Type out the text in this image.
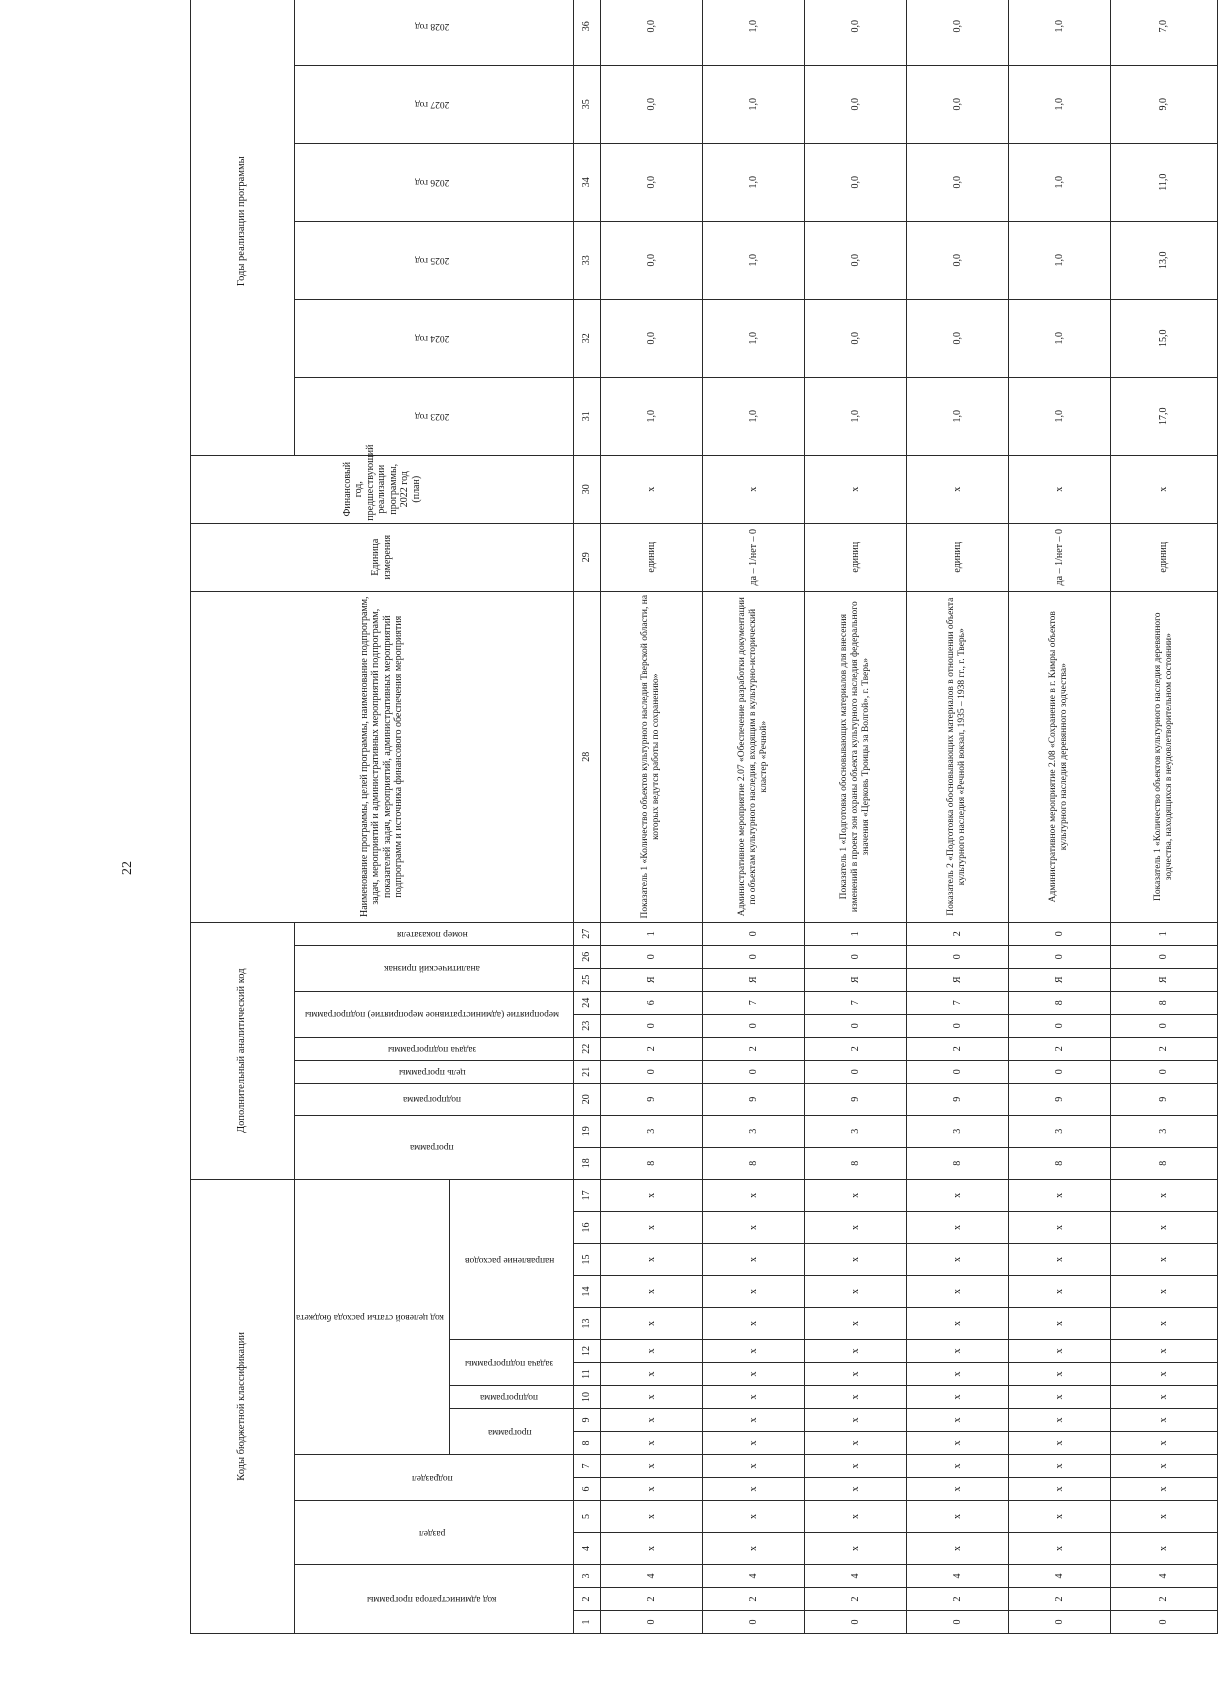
22
Коды бюджетной классификации																	Дополнительный аналитический код										Наименование программы, целей программы, наименование подпрограмм, задач, мероприятий и административных мероприятий подпрограмм, показателей задач, мероприятий, административных мероприятий подпрограмм и источника финансового обеспечения мероприятия	Единица измерения	Финансовый год, предшествующий реализации программы, 2022 год (план)	Годы реализации программы	
код администратора программы			раздел		подраздел		код целевой статьи расхода бюджета										программа		подпрограмма	цель программы	задача подпрограммы	мероприятие (административное мероприятие) подпрограммы		аналитический признак		номер показателя				2023 год	2024 год	2025 год	2026 год	2027 год	2028 год	
							программа		подпрограмма	задача подпрограммы		направление расходов																								
1	2	3	4	5	6	7	8	9	10	11	12	13	14	15	16	17	18	19	20	21	22	23	24	25	26	27	28	29	30	31	32	33	34	35	36	
0	2	4	х	х	х	х	х	х	х	х	х	х	х	х	х	х	8	3	9	0	2	0	6	Я	0	1	Показатель 1 «Количество объектов культурного наследия Тверской области, на которых ведутся работы по сохранению»	единиц	х	1,0	0,0	0,0	0,0	0,0	0,0	
0	2	4	х	х	х	х	х	х	х	х	х	х	х	х	х	х	8	3	9	0	2	0	7	Я	0	0	Административное мероприятие 2.07 «Обеспечение разработки документации по объектам культурного наследия, входящим в культурно-исторический кластер «Речной»	да – 1/нет – 0	х	1,0	1,0	1,0	1,0	1,0	1,0	
0	2	4	х	х	х	х	х	х	х	х	х	х	х	х	х	х	8	3	9	0	2	0	7	Я	0	1	Показатель 1 «Подготовка обосновывающих материалов для внесения изменений в проект зон охраны объекта культурного наследия федерального значения «Церковь Троицы за Волгой», г. Тверь»	единиц	х	1,0	0,0	0,0	0,0	0,0	0,0	
0	2	4	х	х	х	х	х	х	х	х	х	х	х	х	х	х	8	3	9	0	2	0	7	Я	0	2	Показатель 2 «Подготовка обосновывающих материалов в отношении объекта культурного наследия «Речной вокзал, 1935 – 1938 гг., г. Тверь»	единиц	х	1,0	0,0	0,0	0,0	0,0	0,0	
0	2	4	х	х	х	х	х	х	х	х	х	х	х	х	х	х	8	3	9	0	2	0	8	Я	0	0	Административное мероприятие 2.08 «Сохранение в г. Кимры объектов культурного наследия деревянного зодчества»	да – 1/нет – 0	х	1,0	1,0	1,0	1,0	1,0	1,0	
0	2	4	х	х	х	х	х	х	х	х	х	х	х	х	х	х	8	3	9	0	2	0	8	Я	0	1	Показатель 1 «Количество объектов культурного наследия деревянного зодчества, находящихся в неудовлетворительном состоянии»	единиц	х	17,0	15,0	13,0	11,0	9,0	7,0	
